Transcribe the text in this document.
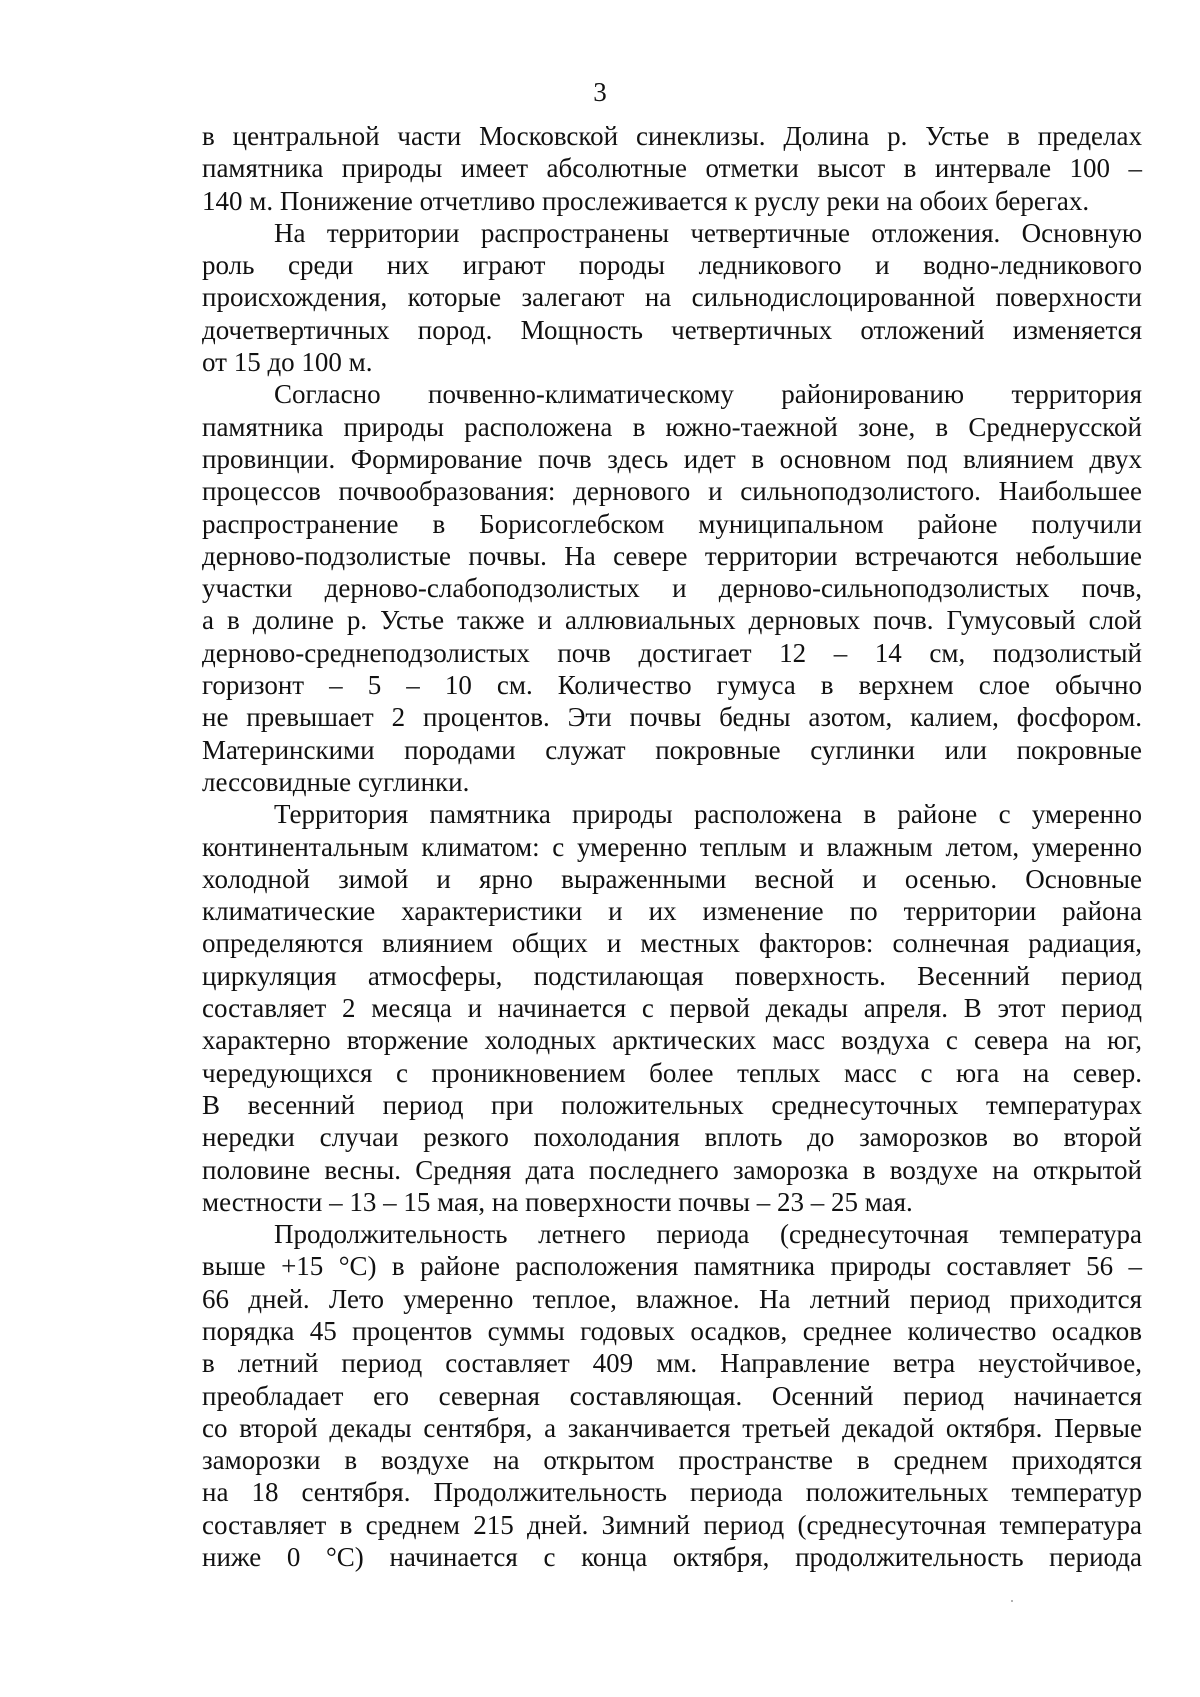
3
в центральной части Московской синеклизы. Долина р. Устье в пределах
памятника природы имеет абсолютные отметки высот в интервале 100 –
140 м. Понижение отчетливо прослеживается к руслу реки на обоих берегах.
На территории распространены четвертичные отложения. Основную
роль среди них играют породы ледникового и водно-ледникового
происхождения, которые залегают на сильнодислоцированной поверхности
дочетвертичных пород. Мощность четвертичных отложений изменяется
от 15 до 100 м.
Согласно почвенно-климатическому районированию территория
памятника природы расположена в южно-таежной зоне, в Среднерусской
провинции. Формирование почв здесь идет в основном под влиянием двух
процессов почвообразования: дернового и сильноподзолистого. Наибольшее
распространение в Борисоглебском муниципальном районе получили
дерново-подзолистые почвы. На севере территории встречаются небольшие
участки дерново-слабоподзолистых и дерново-сильноподзолистых почв,
а в долине р. Устье также и аллювиальных дерновых почв. Гумусовый слой
дерново-среднеподзолистых почв достигает 12 – 14 см, подзолистый
горизонт – 5 – 10 см. Количество гумуса в верхнем слое обычно
не превышает 2 процентов. Эти почвы бедны азотом, калием, фосфором.
Материнскими породами служат покровные суглинки или покровные
лессовидные суглинки.
Территория памятника природы расположена в районе с умеренно
континентальным климатом: с умеренно теплым и влажным летом, умеренно
холодной зимой и ярно выраженными весной и осенью. Основные
климатические характеристики и их изменение по территории района
определяются влиянием общих и местных факторов: солнечная радиация,
циркуляция атмосферы, подстилающая поверхность. Весенний период
составляет 2 месяца и начинается с первой декады апреля. В этот период
характерно вторжение холодных арктических масс воздуха с севера на юг,
чередующихся с проникновением более теплых масс с юга на север.
В весенний период при положительных среднесуточных температурах
нередки случаи резкого похолодания вплоть до заморозков во второй
половине весны. Средняя дата последнего заморозка в воздухе на открытой
местности – 13 – 15 мая, на поверхности почвы – 23 – 25 мая.
Продолжительность летнего периода (среднесуточная температура
выше +15 °С) в районе расположения памятника природы составляет 56 –
66 дней. Лето умеренно теплое, влажное. На летний период приходится
порядка 45 процентов суммы годовых осадков, среднее количество осадков
в летний период составляет 409 мм. Направление ветра неустойчивое,
преобладает его северная составляющая. Осенний период начинается
со второй декады сентября, а заканчивается третьей декадой октября. Первые
заморозки в воздухе на открытом пространстве в среднем приходятся
на 18 сентября. Продолжительность периода положительных температур
составляет в среднем 215 дней. Зимний период (среднесуточная температура
ниже 0 °С) начинается с конца октября, продолжительность периода
